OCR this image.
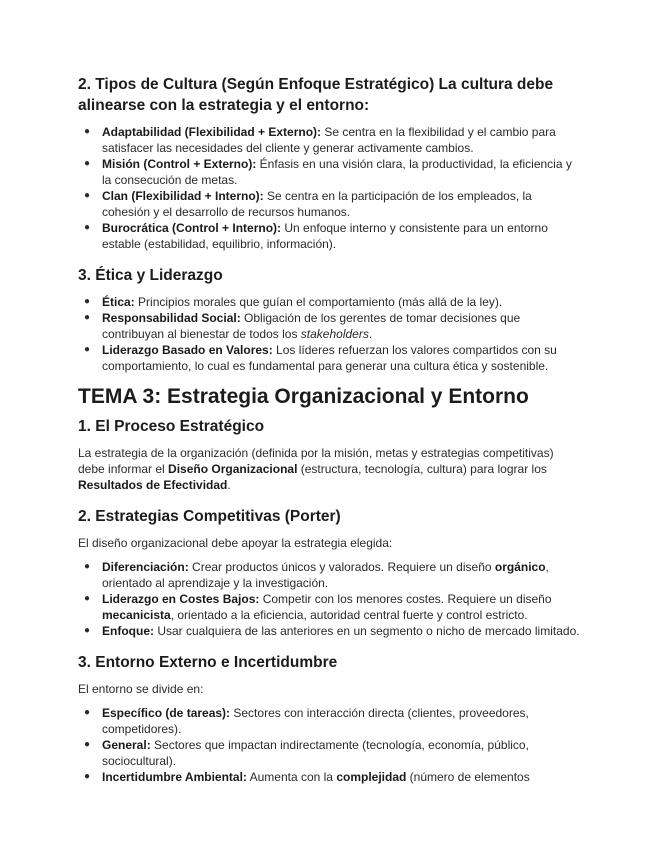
2. Tipos de Cultura (Según Enfoque Estratégico) La cultura debe alinearse con la estrategia y el entorno:
● Adaptabilidad (Flexibilidad + Externo): Se centra en la flexibilidad y el cambio para satisfacer las necesidades del cliente y generar activamente cambios.
● Misión (Control + Externo): Énfasis en una visión clara, la productividad, la eficiencia y la consecución de metas.
● Clan (Flexibilidad + Interno): Se centra en la participación de los empleados, la cohesión y el desarrollo de recursos humanos.
● Burocrática (Control + Interno): Un enfoque interno y consistente para un entorno estable (estabilidad, equilibrio, información).
3. Ética y Liderazgo
● Ética: Principios morales que guían el comportamiento (más allá de la ley).
● Responsabilidad Social: Obligación de los gerentes de tomar decisiones que contribuyan al bienestar de todos los stakeholders.
● Liderazgo Basado en Valores: Los líderes refuerzan los valores compartidos con su comportamiento, lo cual es fundamental para generar una cultura ética y sostenible.
TEMA 3: Estrategia Organizacional y Entorno
1. El Proceso Estratégico

La estrategia de la organización (definida por la misión, metas y estrategias competitivas) debe informar el Diseño Organizacional (estructura, tecnología, cultura) para lograr los Resultados de Efectividad.

2. Estrategias Competitivas (Porter)

El diseño organizacional debe apoyar la estrategia elegida:

● Diferenciación: Crear productos únicos y valorados. Requiere un diseño orgánico, orientado al aprendizaje y la investigación.
● Liderazgo en Costes Bajos: Competir con los menores costes. Requiere un diseño mecanicista, orientado a la eficiencia, autoridad central fuerte y control estricto.
● Enfoque: Usar cualquiera de las anteriores en un segmento o nicho de mercado limitado.
3. Entorno Externo e Incertidumbre

El entorno se divide en:

● Específico (de tareas): Sectores con interacción directa (clientes, proveedores, competidores).
● General: Sectores que impactan indirectamente (tecnología, economía, público, sociocultural).
● Incertidumbre Ambiental: Aumenta con la complejidad (número de elementos
